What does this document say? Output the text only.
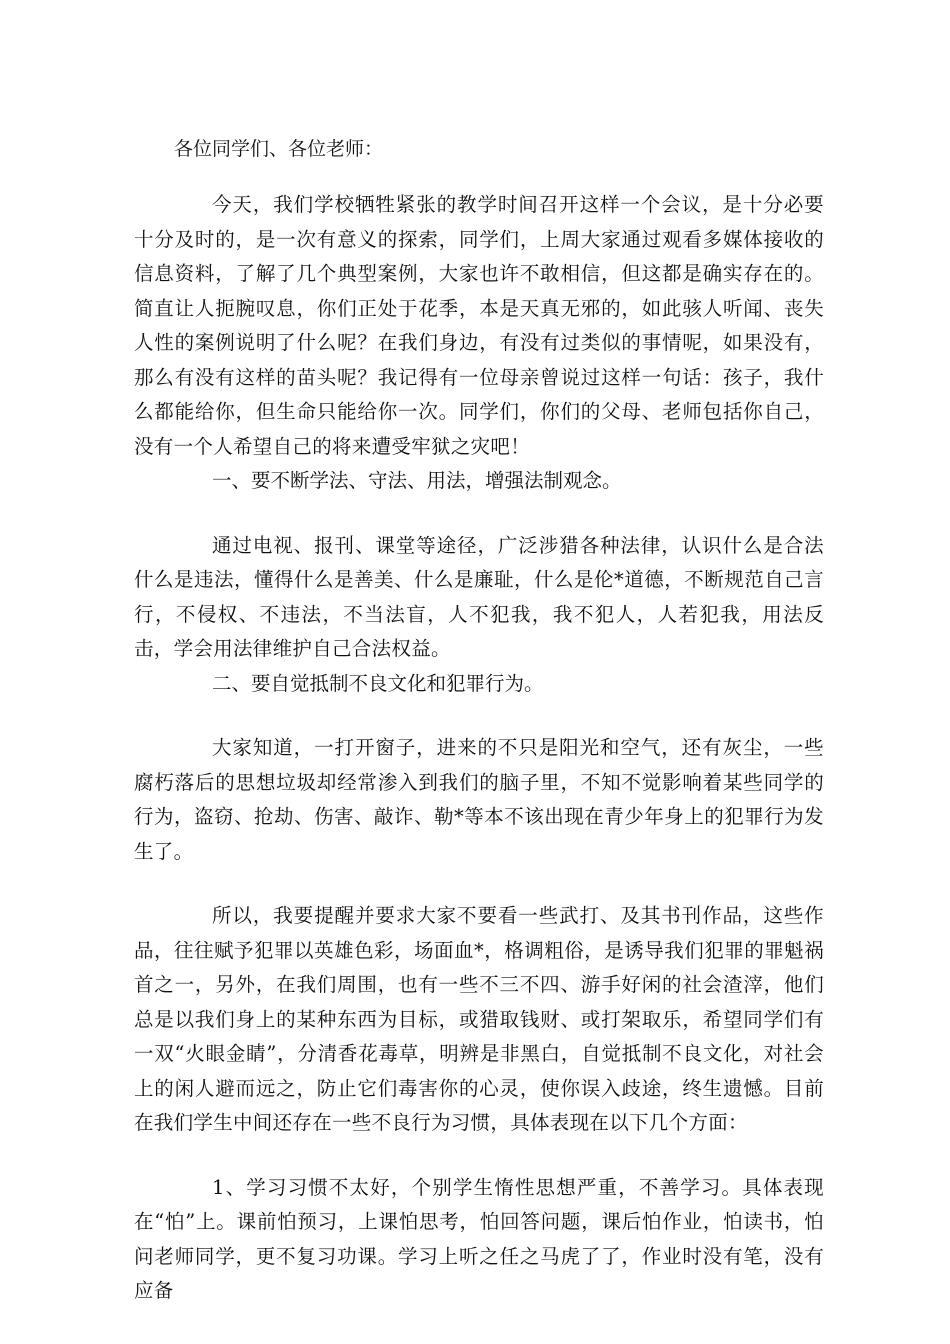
各位同学们、各位老师：

今天，我们学校牺牲紧张的教学时间召开这样一个会议，是十分必要十分及时的，是一次有意义的探索，同学们，上周大家通过观看多媒体接收的信息资料，了解了几个典型案例，大家也许不敢相信，但这都是确实存在的。简直让人扼腕叹息，你们正处于花季，本是天真无邪的，如此骇人听闻、丧失人性的案例说明了什么呢？在我们身边，有没有过类似的事情呢，如果没有，那么有没有这样的苗头呢？我记得有一位母亲曾说过这样一句话：孩子，我什么都能给你，但生命只能给你一次。同学们，你们的父母、老师包括你自己，没有一个人希望自己的将来遭受牢狱之灾吧！

一、要不断学法、守法、用法，增强法制观念。

通过电视、报刊、课堂等途径，广泛涉猎各种法律，认识什么是合法什么是违法，懂得什么是善美、什么是廉耻，什么是伦*道德，不断规范自己言行，不侵权、不违法，不当法盲，人不犯我，我不犯人，人若犯我，用法反击，学会用法律维护自己合法权益。

二、要自觉抵制不良文化和犯罪行为。

大家知道，一打开窗子，进来的不只是阳光和空气，还有灰尘，一些腐朽落后的思想垃圾却经常渗入到我们的脑子里，不知不觉影响着某些同学的行为，盗窃、抢劫、伤害、敲诈、勒*等本不该出现在青少年身上的犯罪行为发生了。

所以，我要提醒并要求大家不要看一些武打、及其书刊作品，这些作品，往往赋予犯罪以英雄色彩，场面血*，格调粗俗，是诱导我们犯罪的罪魁祸首之一，另外，在我们周围，也有一些不三不四、游手好闲的社会渣滓，他们总是以我们身上的某种东西为目标，或猎取钱财、或打架取乐，希望同学们有一双“火眼金睛”，分清香花毒草，明辨是非黑白，自觉抵制不良文化，对社会上的闲人避而远之，防止它们毒害你的心灵，使你误入歧途，终生遗憾。目前在我们学生中间还存在一些不良行为习惯，具体表现在以下几个方面：

1、学习习惯不太好，个别学生惰性思想严重，不善学习。具体表现在“怕”上。课前怕预习，上课怕思考，怕回答问题，课后怕作业，怕读书，怕问老师同学，更不复习功课。学习上听之任之马虎了了，作业时没有笔，没有应备
